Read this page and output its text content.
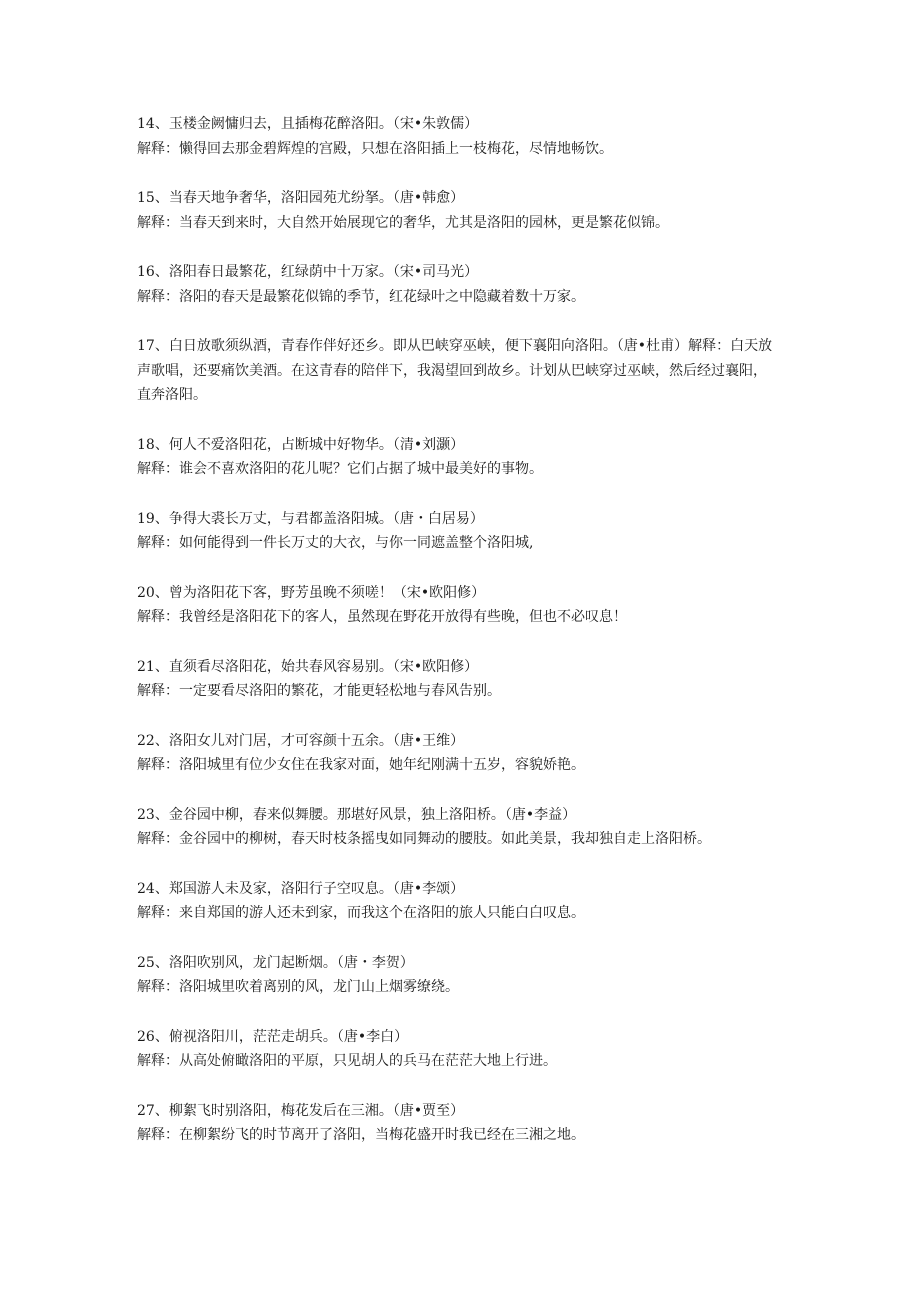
14、玉楼金阙慵归去，且插梅花醉洛阳。（宋•朱敦儒）
解释：懒得回去那金碧辉煌的宫殿，只想在洛阳插上一枝梅花，尽情地畅饮。
15、当春天地争奢华，洛阳园苑尤纷拏。（唐•韩愈）
解释：当春天到来时，大自然开始展现它的奢华，尤其是洛阳的园林，更是繁花似锦。
16、洛阳春日最繁花，红绿荫中十万家。（宋•司马光）
解释：洛阳的春天是最繁花似锦的季节，红花绿叶之中隐藏着数十万家。
17、白日放歌须纵酒，青春作伴好还乡。即从巴峡穿巫峡，便下襄阳向洛阳。（唐•杜甫）解释：白天放声歌唱，还要痛饮美酒。在这青春的陪伴下，我渴望回到故乡。计划从巴峡穿过巫峡，然后经过襄阳，直奔洛阳。
18、何人不爱洛阳花，占断城中好物华。（清•刘灏）
解释：谁会不喜欢洛阳的花儿呢？它们占据了城中最美好的事物。
19、争得大裘长万丈，与君都盖洛阳城。（唐・白居易）
解释：如何能得到一件长万丈的大衣，与你一同遮盖整个洛阳城,
20、曾为洛阳花下客，野芳虽晚不须嗟！（宋•欧阳修）
解释：我曾经是洛阳花下的客人，虽然现在野花开放得有些晚，但也不必叹息！
21、直须看尽洛阳花，始共春风容易别。（宋•欧阳修）
解释：一定要看尽洛阳的繁花，才能更轻松地与春风告别。
22、洛阳女儿对门居，才可容颜十五余。（唐•王维）
解释：洛阳城里有位少女住在我家对面，她年纪刚满十五岁，容貌娇艳。
23、金谷园中柳，春来似舞腰。那堪好风景，独上洛阳桥。（唐•李益）
解释：金谷园中的柳树，春天时枝条摇曳如同舞动的腰肢。如此美景，我却独自走上洛阳桥。
24、郑国游人未及家，洛阳行子空叹息。（唐•李颂）
解释：来自郑国的游人还未到家，而我这个在洛阳的旅人只能白白叹息。
25、洛阳吹别风，龙门起断烟。（唐・李贺）
解释：洛阳城里吹着离别的风，龙门山上烟雾缭绕。
26、俯视洛阳川，茫茫走胡兵。（唐•李白）
解释：从高处俯瞰洛阳的平原，只见胡人的兵马在茫茫大地上行进。
27、柳絮飞时别洛阳，梅花发后在三湘。（唐•贾至）
解释：在柳絮纷飞的时节离开了洛阳，当梅花盛开时我已经在三湘之地。
